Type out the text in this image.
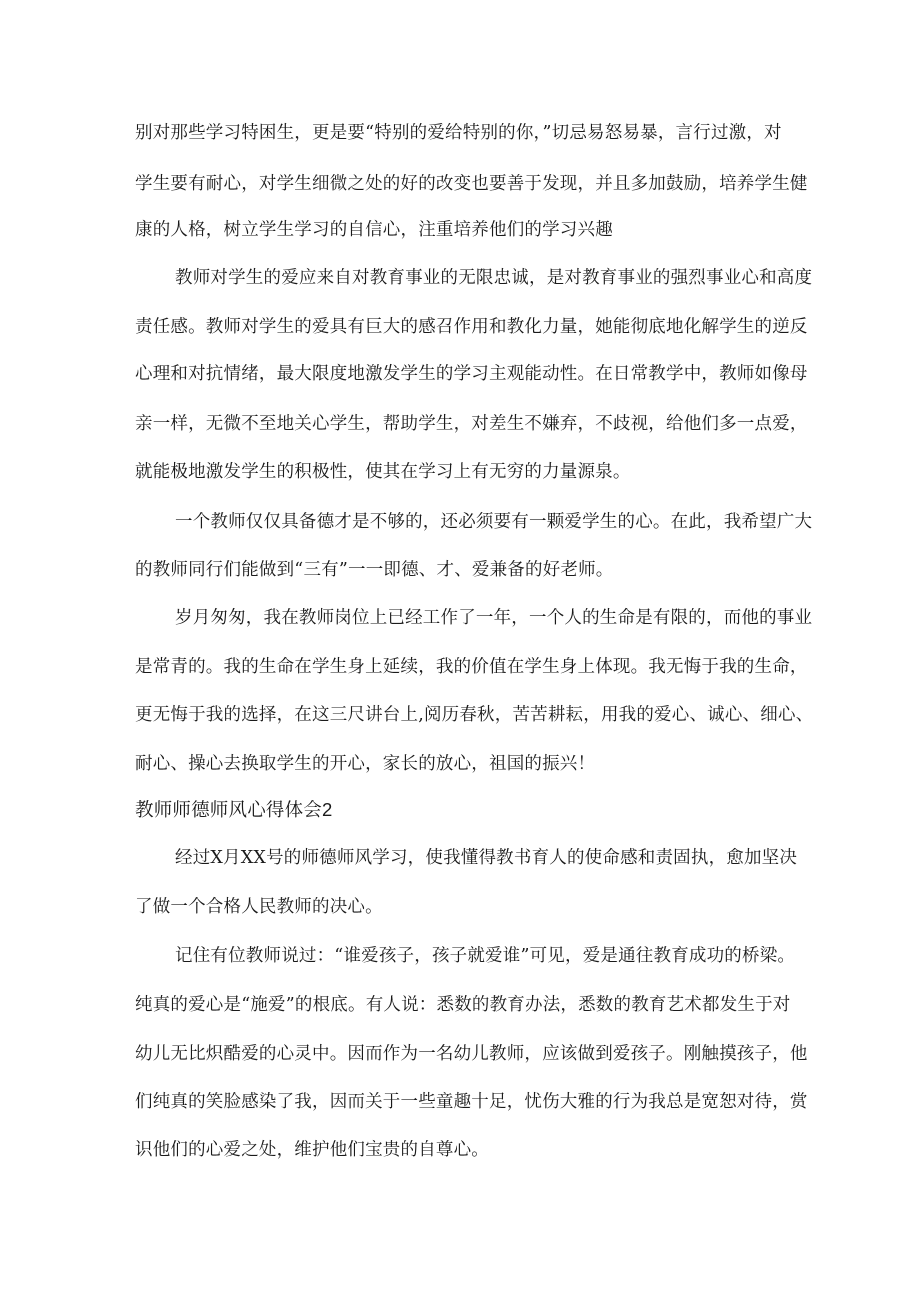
别对那些学习特困生，更是要“特别的爱给特别的你，”切忌易怒易暴，言行过激，对
学生要有耐心，对学生细微之处的好的改变也要善于发现，并且多加鼓励，培养学生健
康的人格，树立学生学习的自信心，注重培养他们的学习兴趣
教师对学生的爱应来自对教育事业的无限忠诚，是对教育事业的强烈事业心和高度
责任感。教师对学生的爱具有巨大的感召作用和教化力量，她能彻底地化解学生的逆反
心理和对抗情绪，最大限度地激发学生的学习主观能动性。在日常教学中，教师如像母
亲一样，无微不至地关心学生，帮助学生，对差生不嫌弃，不歧视，给他们多一点爱，
就能极地激发学生的积极性，使其在学习上有无穷的力量源泉。
一个教师仅仅具备德才是不够的，还必须要有一颗爱学生的心。在此，我希望广大
的教师同行们能做到“三有”一一即德、才、爱兼备的好老师。
岁月匆匆，我在教师岗位上已经工作了一年，一个人的生命是有限的，而他的事业
是常青的。我的生命在学生身上延续，我的价值在学生身上体现。我无悔于我的生命，
更无悔于我的选择，在这三尺讲台上,阅历春秋，苦苦耕耘，用我的爱心、诚心、细心、
耐心、操心去换取学生的开心，家长的放心，祖国的振兴！
教师师德师风心得体会2
经过X月XX号的师德师风学习，使我懂得教书育人的使命感和责固执，愈加坚决
了做一个合格人民教师的决心。
记住有位教师说过：“谁爱孩子，孩子就爱谁”可见，爱是通往教育成功的桥梁。
纯真的爱心是“施爱”的根底。有人说：悉数的教育办法，悉数的教育艺术都发生于对
幼儿无比炽酷爱的心灵中。因而作为一名幼儿教师，应该做到爱孩子。刚触摸孩子，他
们纯真的笑脸感染了我，因而关于一些童趣十足，忧伤大雅的行为我总是宽恕对待，赏
识他们的心爱之处，维护他们宝贵的自尊心。
